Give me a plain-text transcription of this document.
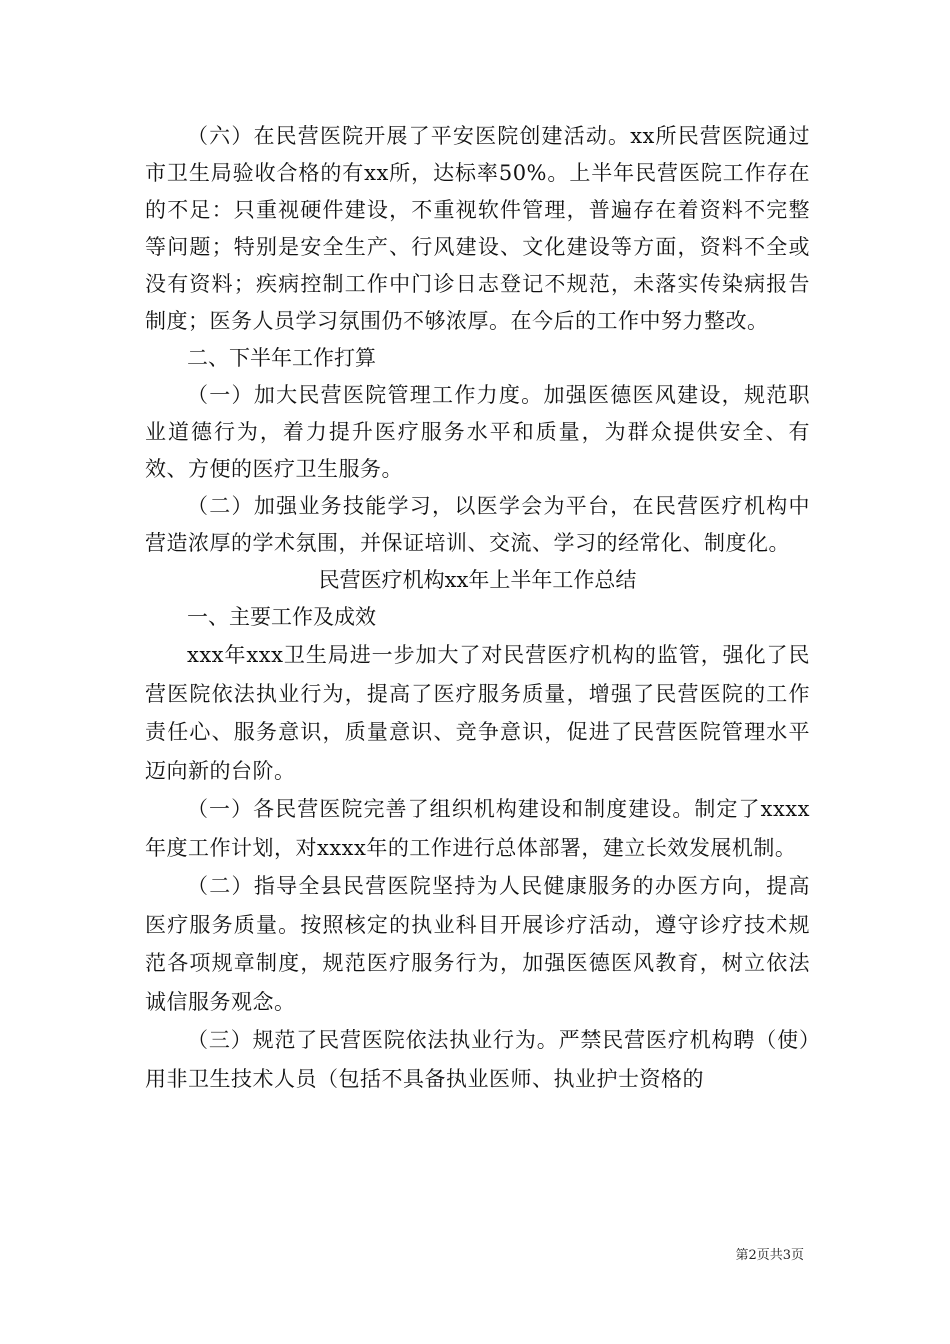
（六）在民营医院开展了平安医院创建活动。xx所民营医院通过市卫生局验收合格的有xx所，达标率50%。上半年民营医院工作存在的不足：只重视硬件建设，不重视软件管理，普遍存在着资料不完整等问题；特别是安全生产、行风建设、文化建设等方面，资料不全或没有资料；疾病控制工作中门诊日志登记不规范，未落实传染病报告制度；医务人员学习氛围仍不够浓厚。在今后的工作中努力整改。

二、下半年工作打算

（一）加大民营医院管理工作力度。加强医德医风建设，规范职业道德行为，着力提升医疗服务水平和质量，为群众提供安全、有效、方便的医疗卫生服务。

（二）加强业务技能学习，以医学会为平台，在民营医疗机构中营造浓厚的学术氛围，并保证培训、交流、学习的经常化、制度化。

民营医疗机构xx年上半年工作总结

一、主要工作及成效

xxx年xxx卫生局进一步加大了对民营医疗机构的监管，强化了民营医院依法执业行为，提高了医疗服务质量，增强了民营医院的工作责任心、服务意识，质量意识、竞争意识，促进了民营医院管理水平迈向新的台阶。

（一）各民营医院完善了组织机构建设和制度建设。制定了xxxx年度工作计划，对xxxx年的工作进行总体部署，建立长效发展机制。

（二）指导全县民营医院坚持为人民健康服务的办医方向，提高医疗服务质量。按照核定的执业科目开展诊疗活动，遵守诊疗技术规范各项规章制度，规范医疗服务行为，加强医德医风教育，树立依法诚信服务观念。

（三）规范了民营医院依法执业行为。严禁民营医疗机构聘（使）用非卫生技术人员（包括不具备执业医师、执业护士资格的

第2页共3页
